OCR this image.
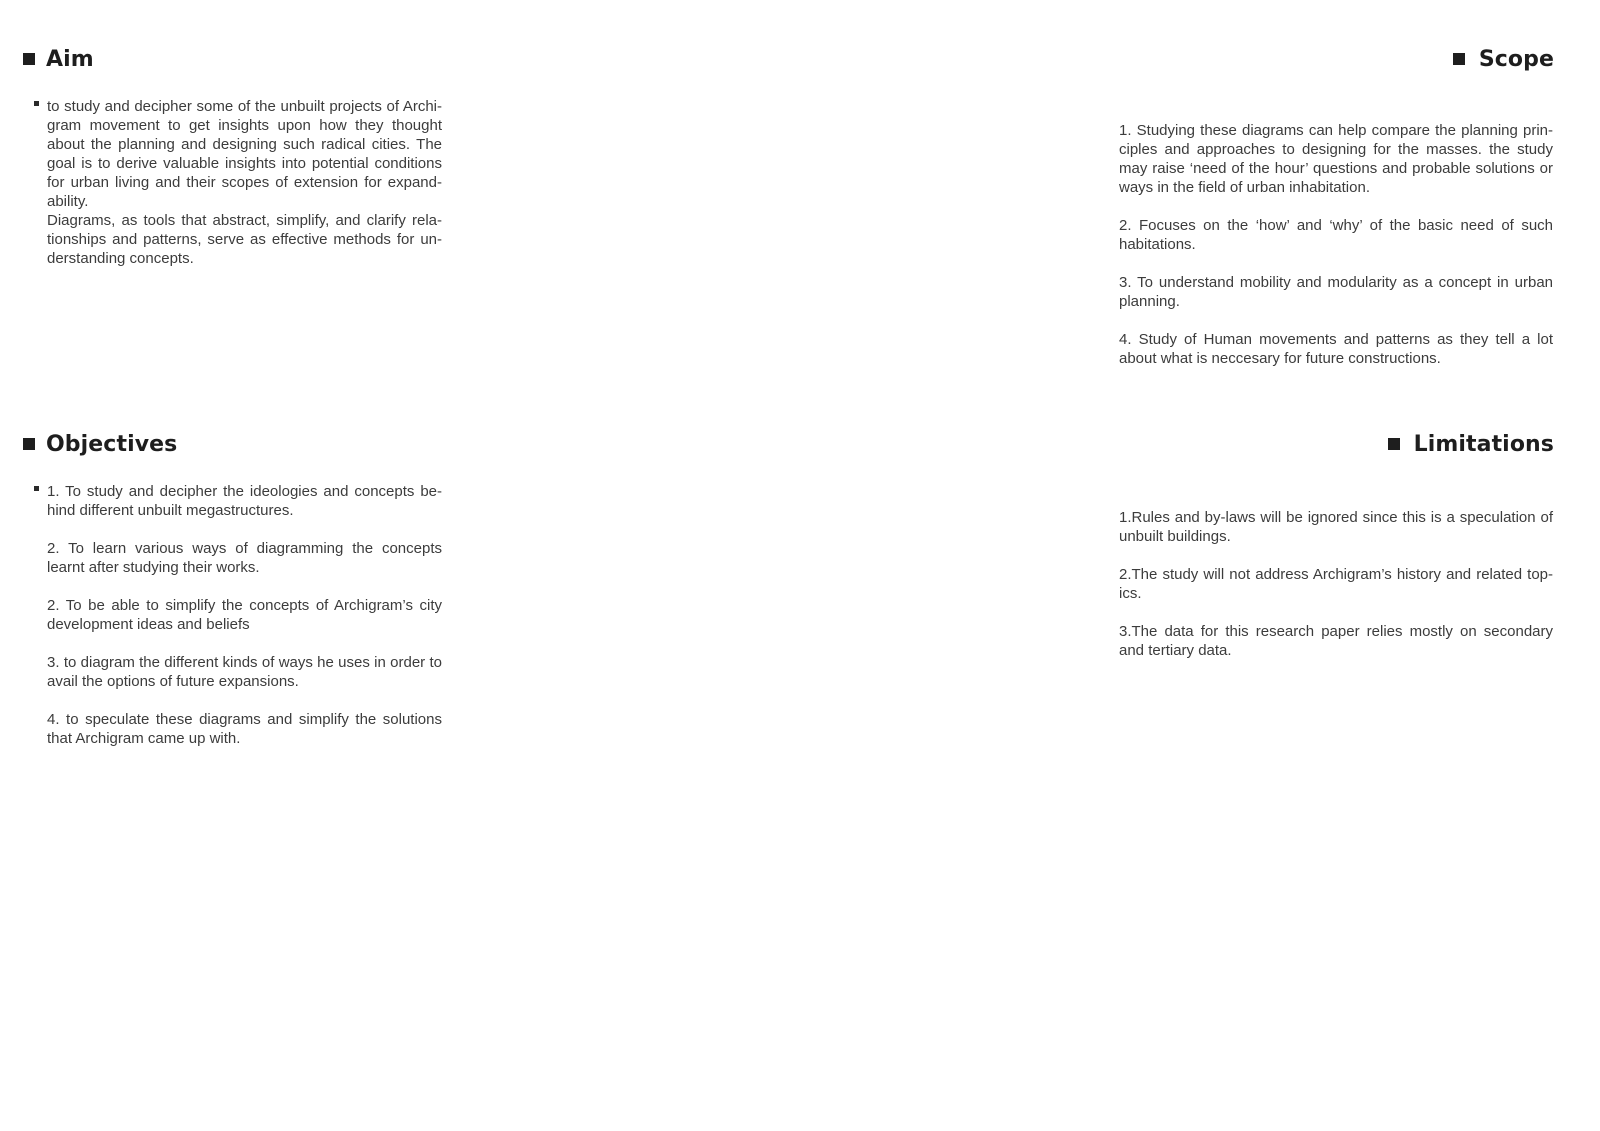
Aim

to study and decipher some of the unbuilt projects of Archi-gram movement to get insights upon how they thought about the planning and designing such radical cities. The goal is to derive valuable insights into potential conditions for urban living and their scopes of extension for expand-ability.

Diagrams, as tools that abstract, simplify, and clarify rela-tionships and patterns, serve as effective methods for un-derstanding concepts.

Scope

1. Studying these diagrams can help compare the planning prin-ciples and approaches to designing for the masses. the study may raise ‘need of the hour’ questions and probable solutions or ways in the field of urban inhabitation.

2. Focuses on the ‘how’ and ‘why’ of the basic need of such habitations.

3. To understand mobility and modularity as a concept in urban planning.

4. Study of Human movements and patterns as they tell a lot about what is neccesary for future constructions.

Objectives

1. To study and decipher the ideologies and concepts be-hind different unbuilt megastructures.

2. To learn various ways of diagramming the concepts learnt after studying their works.

2. To be able to simplify the concepts of Archigram’s city development ideas and beliefs

3. to diagram the different kinds of ways he uses in order to avail the options of future expansions.

4. to speculate these diagrams and simplify the solutions that Archigram came up with.

Limitations

1.Rules and by-laws will be ignored since this is a speculation of unbuilt buildings.

2.The study will not address Archigram’s history and related top-ics.

3.The data for this research paper relies mostly on secondary and tertiary data.
